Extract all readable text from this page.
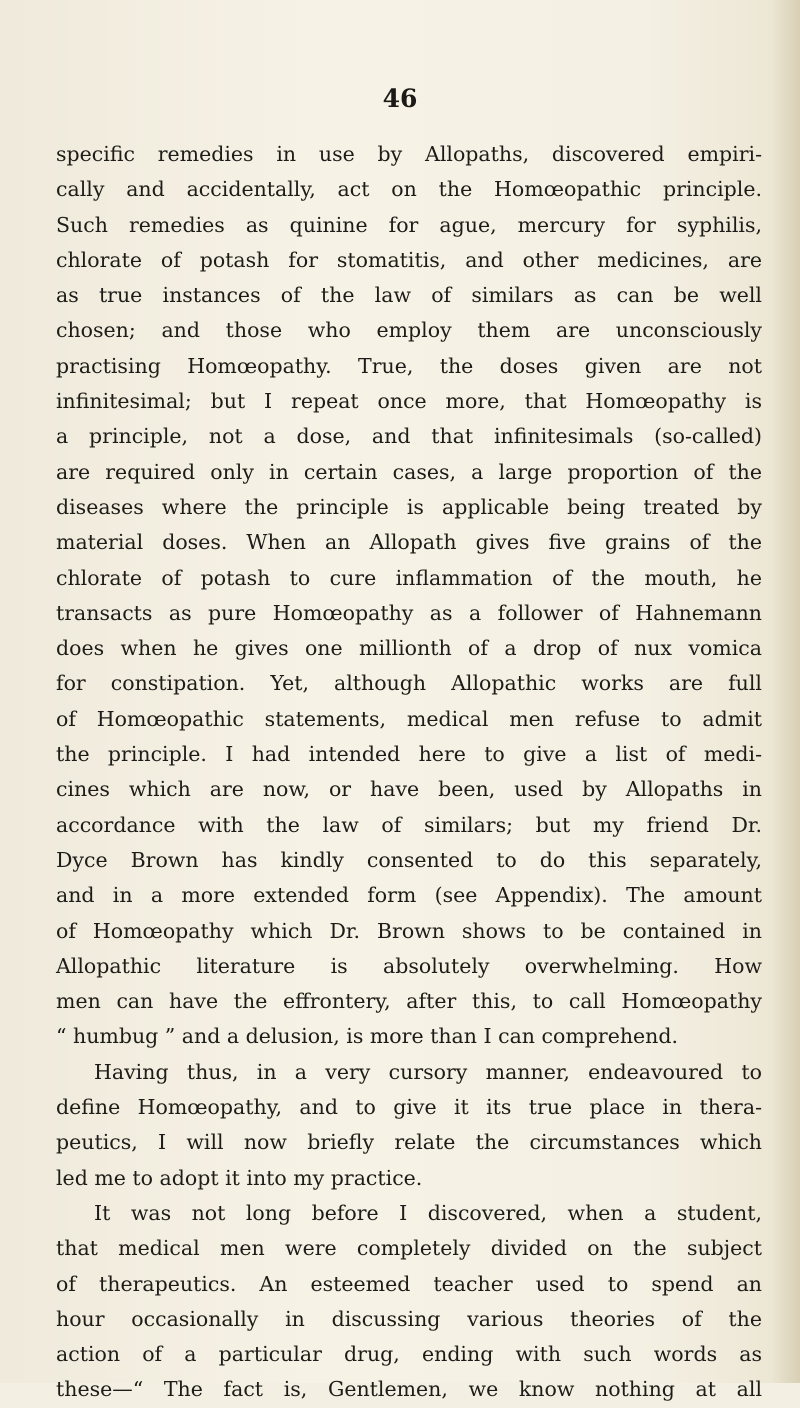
46
specific remedies in use by Allopaths, discovered empiri-
cally and accidentally, act on the Homœopathic principle.
Such remedies as quinine for ague, mercury for syphilis,
chlorate of potash for stomatitis, and other medicines, are
as true instances of the law of similars as can be well
chosen; and those who employ them are unconsciously
practising Homœopathy. True, the doses given are not
infinitesimal; but I repeat once more, that Homœopathy is
a principle, not a dose, and that infinitesimals (so-called)
are required only in certain cases, a large proportion of the
diseases where the principle is applicable being treated by
material doses. When an Allopath gives five grains of the
chlorate of potash to cure inflammation of the mouth, he
transacts as pure Homœopathy as a follower of Hahnemann
does when he gives one millionth of a drop of nux vomica
for constipation. Yet, although Allopathic works are full
of Homœopathic statements, medical men refuse to admit
the principle. I had intended here to give a list of medi-
cines which are now, or have been, used by Allopaths in
accordance with the law of similars; but my friend Dr.
Dyce Brown has kindly consented to do this separately,
and in a more extended form (see Appendix). The amount
of Homœopathy which Dr. Brown shows to be contained in
Allopathic literature is absolutely overwhelming. How
men can have the effrontery, after this, to call Homœopathy
“ humbug ” and a delusion, is more than I can comprehend.
Having thus, in a very cursory manner, endeavoured to
define Homœopathy, and to give it its true place in thera-
peutics, I will now briefly relate the circumstances which
led me to adopt it into my practice.
It was not long before I discovered, when a student,
that medical men were completely divided on the subject
of therapeutics. An esteemed teacher used to spend an
hour occasionally in discussing various theories of the
action of a particular drug, ending with such words as
these—“ The fact is, Gentlemen, we know nothing at all
